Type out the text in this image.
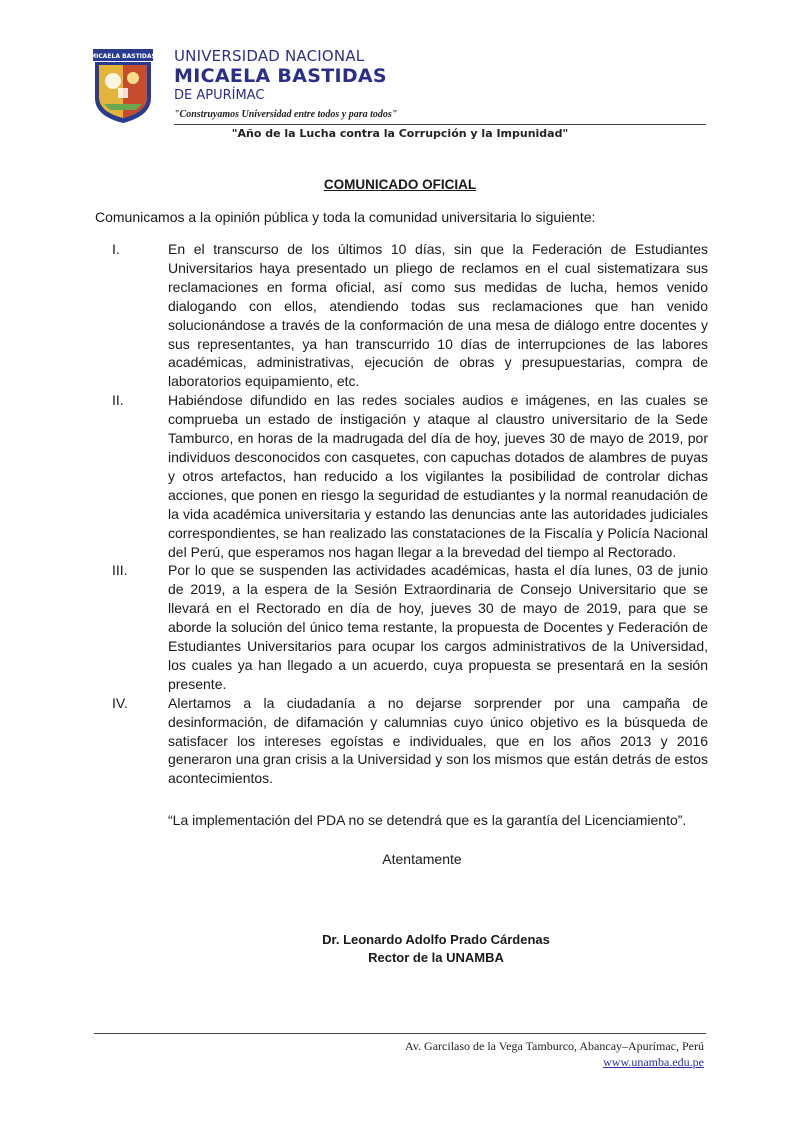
MICAELA BASTIDAS UNIVERSIDAD NACIONAL
MICAELA BASTIDAS
DE APURÍMAC
"Construyamos Universidad entre todos y para todos"
"Año de la Lucha contra la Corrupción y la Impunidad"
COMUNICADO OFICIAL
Comunicamos a la opinión pública y toda la comunidad universitaria lo siguiente:
I.	En el transcurso de los últimos 10 días, sin que la Federación de Estudiantes Universitarios haya presentado un pliego de reclamos en el cual sistematizara sus reclamaciones en forma oficial, así como sus medidas de lucha, hemos venido dialogando con ellos, atendiendo todas sus reclamaciones que han venido solucionándose a través de la conformación de una mesa de diálogo entre docentes y sus representantes, ya han transcurrido 10 días de interrupciones de las labores académicas, administrativas, ejecución de obras y presupuestarias, compra de laboratorios equipamiento, etc.
II.	Habiéndose difundido en las redes sociales audios e imágenes, en las cuales se comprueba un estado de instigación y ataque al claustro universitario de la Sede Tamburco, en horas de la madrugada del día de hoy, jueves 30 de mayo de 2019, por individuos desconocidos con casquetes, con capuchas dotados de alambres de puyas y otros artefactos, han reducido a los vigilantes la posibilidad de controlar dichas acciones, que ponen en riesgo la seguridad de estudiantes y la normal reanudación de la vida académica universitaria y estando las denuncias ante las autoridades judiciales correspondientes, se han realizado las constataciones de la Fiscalía y Policía Nacional del Perú, que esperamos nos hagan llegar a la brevedad del tiempo al Rectorado.
III.	Por lo que se suspenden las actividades académicas, hasta el día lunes, 03 de junio de 2019, a la espera de la Sesión Extraordinaria de Consejo Universitario que se llevará en el Rectorado en día de hoy, jueves 30 de mayo de 2019, para que se aborde la solución del único tema restante, la propuesta de Docentes y Federación de Estudiantes Universitarios para ocupar los cargos administrativos de la Universidad, los cuales ya han llegado a un acuerdo, cuya propuesta se presentará en la sesión presente.
IV.	Alertamos a la ciudadanía a no dejarse sorprender por una campaña de desinformación, de difamación y calumnias cuyo único objetivo es la búsqueda de satisfacer los intereses egoístas e individuales, que en los años 2013 y 2016 generaron una gran crisis a la Universidad y son los mismos que están detrás de estos acontecimientos.
“La implementación del PDA no se detendrá que es la garantía del Licenciamiento”.
Atentamente
Dr. Leonardo Adolfo Prado Cárdenas
Rector de la UNAMBA
Av. Garcilaso de la Vega Tamburco, Abancay–Apurímac, Perú
www.unamba.edu.pe
